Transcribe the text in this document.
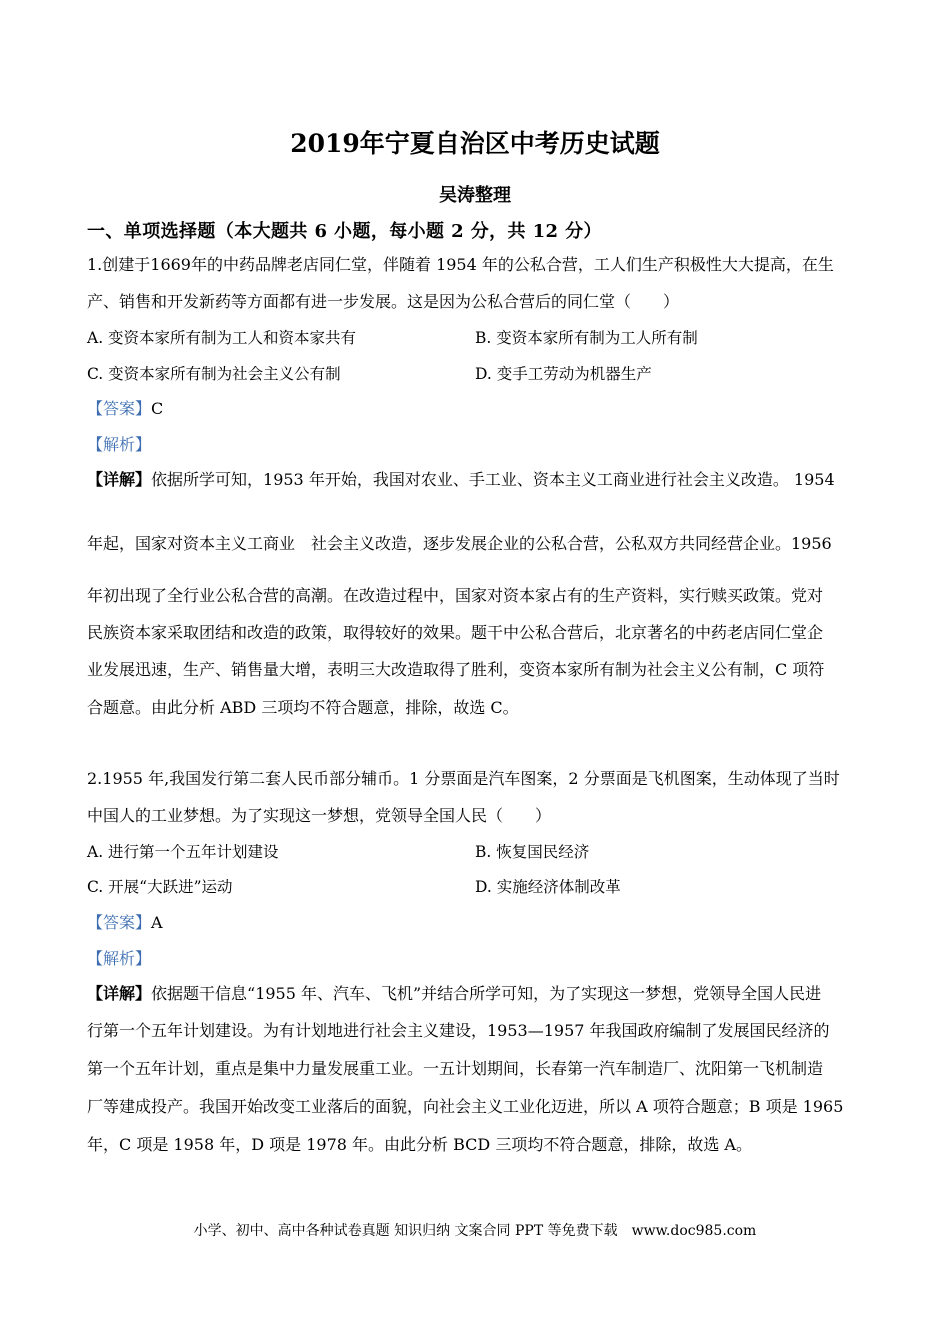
2019年宁夏自治区中考历史试题
吴涛整理
一、单项选择题（本大题共 6 小题，每小题 2 分，共 12 分）
1.创建于1669年的中药品牌老店同仁堂，伴随着 1954 年的公私合营，工人们生产积极性大大提高，在生
产、销售和开发新药等方面都有进一步发展。这是因为公私合营后的同仁堂（　　）
A. 变资本家所有制为工人和资本家共有	B. 变资本家所有制为工人所有制
C. 变资本家所有制为社会主义公有制	D. 变手工劳动为机器生产
【答案】C
【解析】
【详解】依据所学可知，1953 年开始，我国对农业、手工业、资本主义工商业进行社会主义改造。 1954
年起，国家对资本主义工商业　社会主义改造，逐步发展企业的公私合营，公私双方共同经营企业。1956
年初出现了全行业公私合营的高潮。在改造过程中，国家对资本家占有的生产资料，实行赎买政策。党对
民族资本家采取团结和改造的政策，取得较好的效果。题干中公私合营后，北京著名的中药老店同仁堂企
业发展迅速，生产、销售量大增，表明三大改造取得了胜利，变资本家所有制为社会主义公有制，C 项符
合题意。由此分析 ABD 三项均不符合题意，排除，故选 C。
2.1955 年,我国发行第二套人民币部分辅币。1 分票面是汽车图案，2 分票面是飞机图案，生动体现了当时
中国人的工业梦想。为了实现这一梦想，党领导全国人民（　　）
A. 进行第一个五年计划建设	B. 恢复国民经济
C. 开展“大跃进”运动	D. 实施经济体制改革
【答案】A
【解析】
【详解】依据题干信息“1955 年、汽车、飞机”并结合所学可知，为了实现这一梦想，党领导全国人民进
行第一个五年计划建设。为有计划地进行社会主义建设，1953—1957 年我国政府编制了发展国民经济的
第一个五年计划，重点是集中力量发展重工业。一五计划期间，长春第一汽车制造厂、沈阳第一飞机制造
厂等建成投产。我国开始改变工业落后的面貌，向社会主义工业化迈进，所以 A 项符合题意；B 项是 1965
年，C 项是 1958 年，D 项是 1978 年。由此分析 BCD 三项均不符合题意，排除，故选 A。
小学、初中、高中各种试卷真题 知识归纳 文案合同 PPT 等免费下载　www.doc985.com
